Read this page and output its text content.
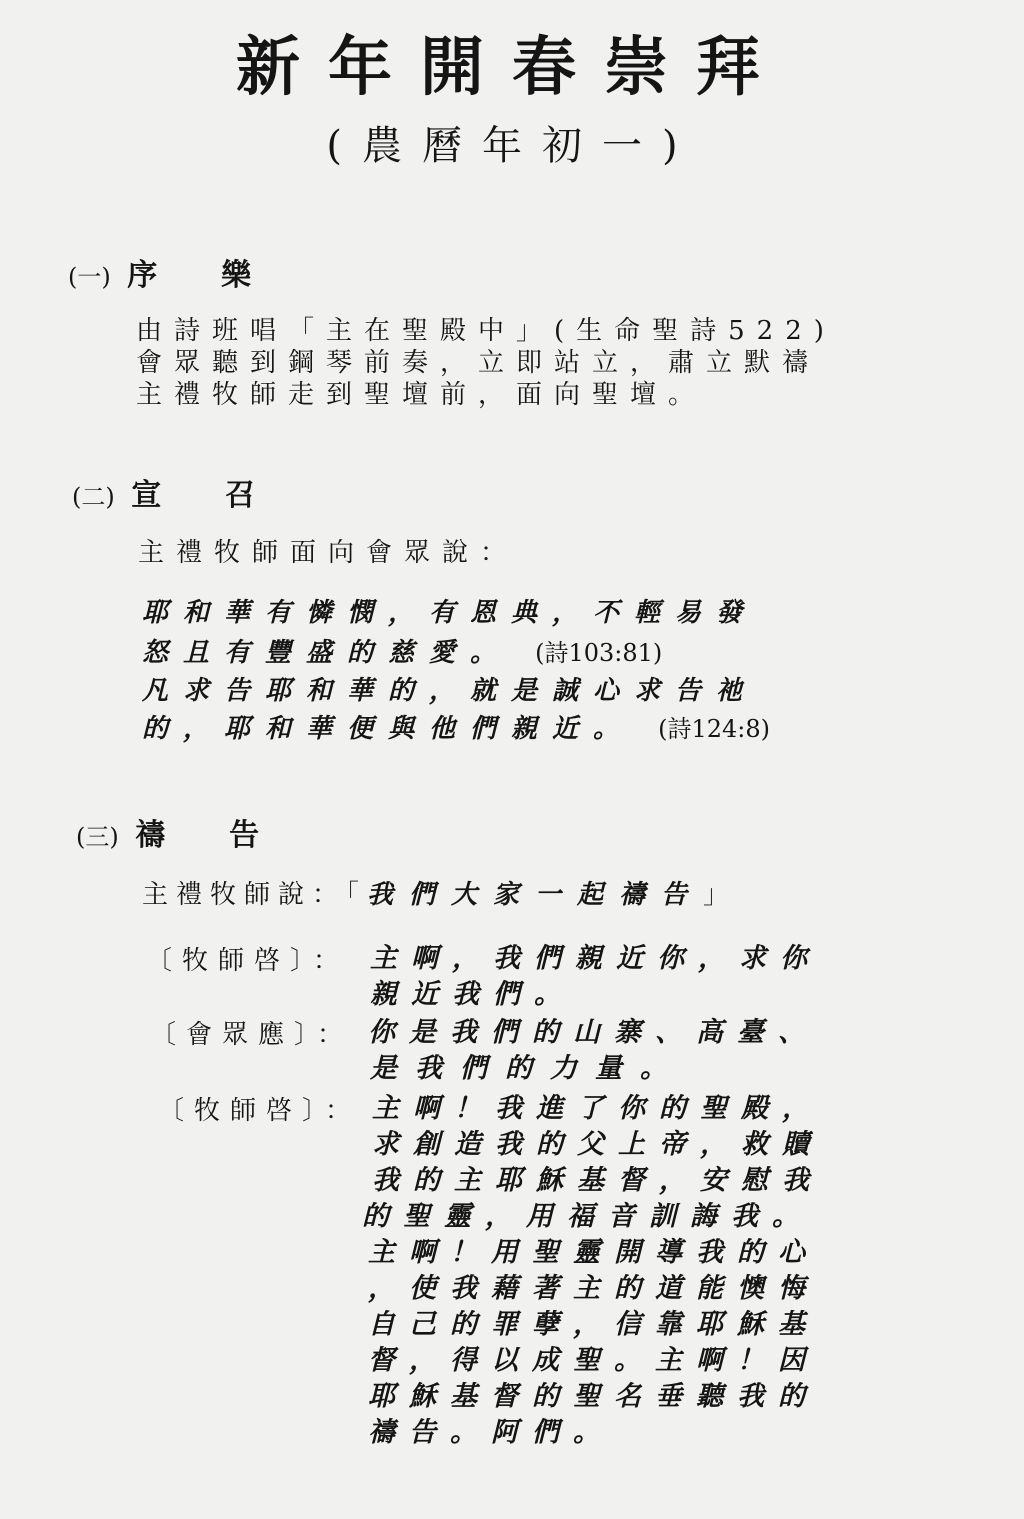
新年開春崇拜
(農曆年初一)
(一) 序樂
由詩班唱「主在聖殿中」(生命聖詩522)
會眾聽到鋼琴前奏，立即站立，肅立默禱
主禮牧師走到聖壇前，面向聖壇。
(二) 宣召
主禮牧師面向會眾說：
耶和華有憐憫，有恩典，不輕易發
怒且有豐盛的慈愛。 (詩103:81)
凡求告耶和華的，就是誠心求告祂
的，耶和華便與他們親近。 (詩124:8)
(三) 禱告
主禮牧師說：「我們大家一起禱告」
〔牧師啓〕： 主啊，我們親近你，求你
親近我們。
〔會眾應〕： 你是我們的山寨、高臺、
是我們的力量。
〔牧師啓〕： 主啊！我進了你的聖殿，
求創造我的父上帝，救贖
我的主耶穌基督，安慰我
的聖靈，用福音訓誨我。
主啊！用聖靈開導我的心
，使我藉著主的道能懊悔
自己的罪孽，信靠耶穌基
督，得以成聖。主啊！因
耶穌基督的聖名垂聽我的
禱告。阿們。
